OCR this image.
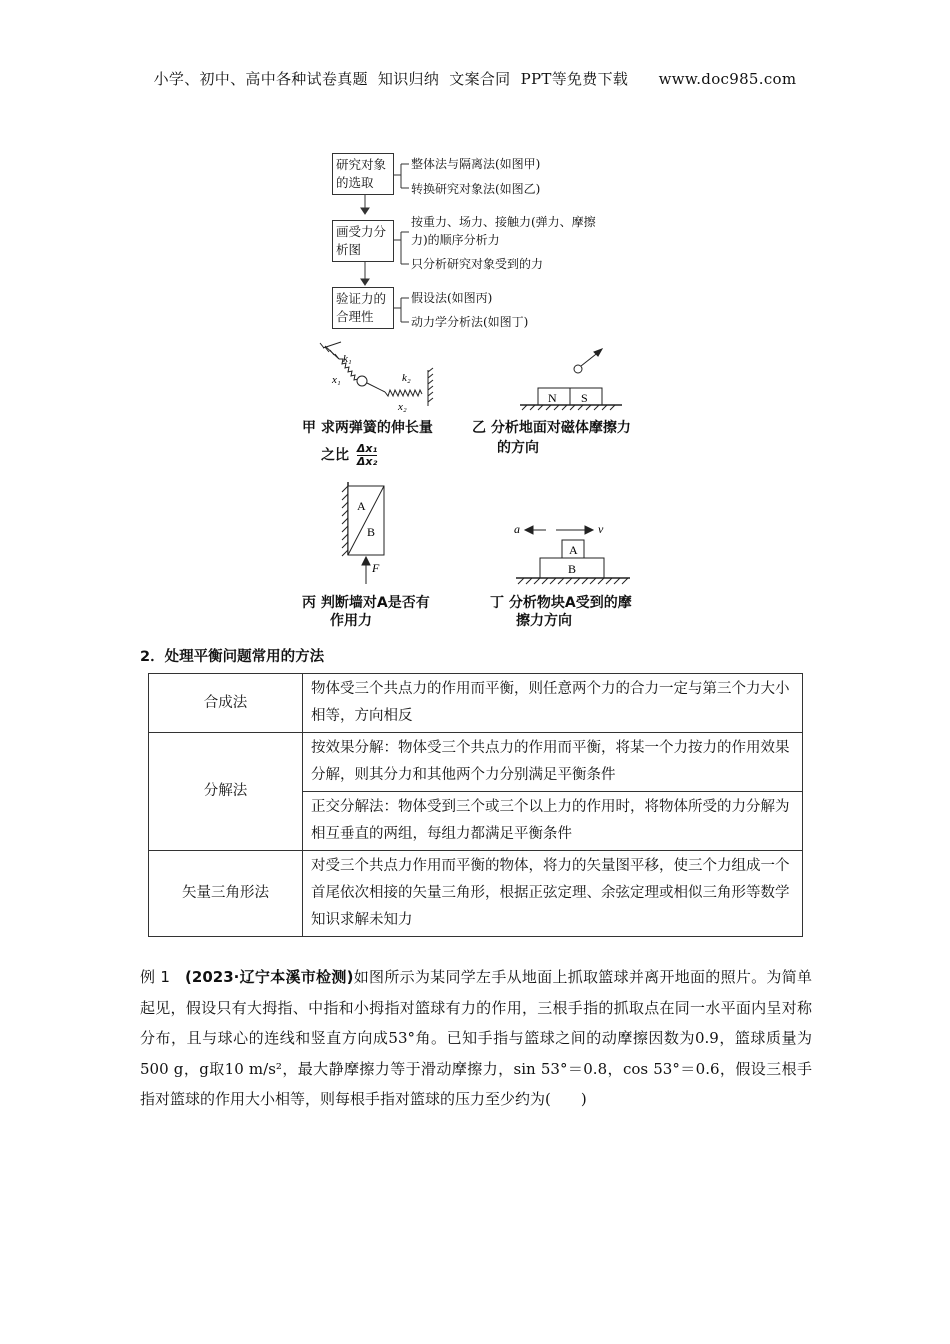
小学、初中、高中各种试卷真题  知识归纳  文案合同  PPT等免费下载      www.doc985.com
研究对象的选取
整体法与隔离法(如图甲)
转换研究对象法(如图乙)
画受力分析图
按重力、场力、接触力(弹力、摩擦
力)的顺序分析力
只分析研究对象受到的力
验证力的合理性
假设法(如图丙)
动力学分析法(如图丁)
k₁
x₁	k₂
x₂
甲 求两弹簧的伸长量
之比 $\frac{\text{Δx₁}}{\text{Δx₂}}$
N S
乙 分析地面对磁体摩擦力
的方向
A
B
F
丙 判断墙对A是否有
作用力
a	v
A
B
丁 分析物块A受到的摩
擦力方向
2．处理平衡问题常用的方法
合成法	物体受三个共点力的作用而平衡，则任意两个力的合力一定与第三个力大小相等，方向相反
分解法	按效果分解：物体受三个共点力的作用而平衡，将某一个力按力的作用效果分解，则其分力和其他两个力分别满足平衡条件
	正交分解法：物体受到三个或三个以上力的作用时，将物体所受的力分解为相互垂直的两组，每组力都满足平衡条件
矢量三角形法	对受三个共点力作用而平衡的物体，将力的矢量图平移，使三个力组成一个首尾依次相接的矢量三角形，根据正弦定理、余弦定理或相似三角形等数学知识求解未知力
例 1 (2023·辽宁本溪市检测)如图所示为某同学左手从地面上抓取篮球并离开地面的照片。为简单起见，假设只有大拇指、中指和小拇指对篮球有力的作用，三根手指的抓取点在同一水平面内呈对称分布，且与球心的连线和竖直方向成53°角。已知手指与篮球之间的动摩擦因数为0.9，篮球质量为500 g，g取10 m/s²，最大静摩擦力等于滑动摩擦力，sin 53°＝0.8，cos 53°＝0.6，假设三根手指对篮球的作用大小相等，则每根手指对篮球的压力至少约为(　　)
